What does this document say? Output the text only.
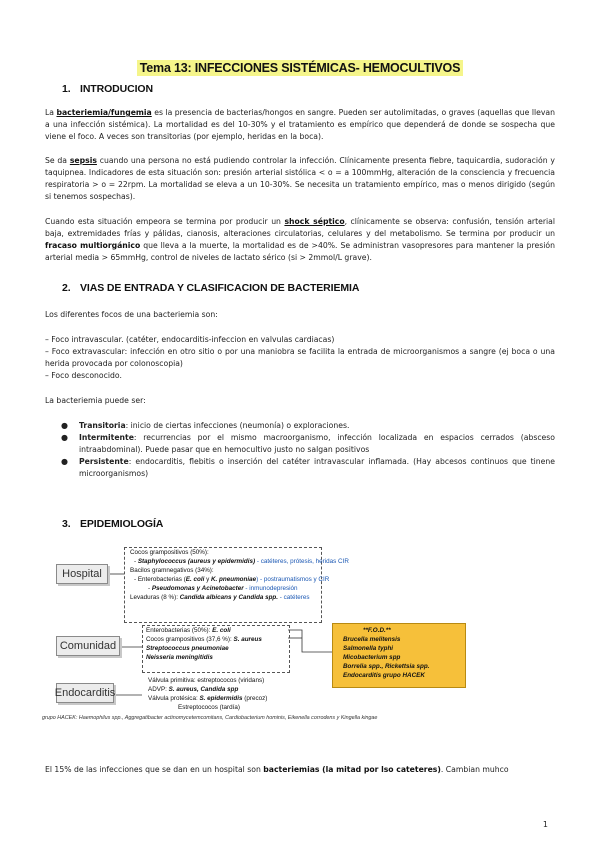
Tema 13: INFECCIONES SISTÉMICAS- HEMOCULTIVOS
1. INTRODUCION
La bacteriemia/fungemia es la presencia de bacterias/hongos en sangre. Pueden ser autolimitadas, o graves (aquellas que llevan a una infección sistémica). La mortalidad es del 10-30% y el tratamiento es empírico que dependerá de donde se sospecha que viene el foco. A veces son transitorias (por ejemplo, heridas en la boca).
Se da sepsis cuando una persona no está pudiendo controlar la infección. Clínicamente presenta fiebre, taquicardia, sudoración y taquipnea. Indicadores de esta situación son: presión arterial sistólica < o = a 100mmHg, alteración de la consciencia y frecuencia respiratoria > o = 22rpm. La mortalidad se eleva a un 10-30%. Se necesita un tratamiento empírico, mas o menos dirigido (según si tenemos sospechas).
Cuando esta situación empeora se termina por producir un shock séptico, clínicamente se observa: confusión, tensión arterial baja, extremidades frías y pálidas, cianosis, alteraciones circulatorias, celulares y del metabolismo. Se termina por producir un fracaso multiorgánico que lleva a la muerte, la mortalidad es de >40%. Se administran vasopresores para mantener la presión arterial media > 65mmHg, control de niveles de lactato sérico (si > 2mmol/L grave).
2. VIAS DE ENTRADA Y CLASIFICACION DE BACTERIEMIA
Los diferentes focos de una bacteriemia son:
– Foco intravascular. (catéter, endocarditis-infeccion en valvulas cardiacas)
– Foco extravascular: infección en otro sitio o por una maniobra se facilita la entrada de microorganismos a sangre (ej boca o una herida provocada por colonoscopia)
– Foco desconocido.
La bacteriemia puede ser:
● Transitoria: inicio de ciertas infecciones (neumonía) o exploraciones.
● Intermitente: recurrencias por el mismo macroorganismo, infección localizada en espacios cerrados (absceso intraabdominal). Puede pasar que en hemocultivo justo no salgan positivos
● Persistente: endocarditis, flebitis o inserción del catéter intravascular inflamada. (Hay abcesos continuos que tinene microorganismos)
3. EPIDEMIOLOGÍA
Hospital
Comunidad
Endocarditis
Cocos grampositivos (50%):
- Staphylococcus (aureus y epidermidis) - catéteres, prótesis, heridas CIR
Bacilos gramnegativos (34%):
- Enterobacterias (E. coli y K. pneumoniae) - postraumatismos y CIR
- Pseudomonas y Acinetobacter - inmunodepresión
Levaduras (8 %): Candida albicans y Candida spp. - catéteres
Enterobacterias (50%): E. coli
Cocos grampositivos (37,6 %): S. aureus
Streptococcus pneumoniae
Neisseria meningitidis
**F.O.D.**
Brucella melitensis
Salmonella typhi
Micobacterium spp
Borrelia spp., Rickettsia spp.
Endocarditis grupo HACEK
Válvula primitiva: estreptococos (viridans)
ADVP: S. aureus, Candida spp
Válvula protésica: S. epidermidis (precoz)
Estreptococos (tardía)
grupo HACEK: Haemophilus spp., Aggregatibacter actinomycetemcomitans, Cardiobacterium hominis, Eikenella corrodens y Kingella kingae
El 15% de las infecciones que se dan en un hospital son bacteriemias (la mitad por lso cateteres). Cambian muhco
1
